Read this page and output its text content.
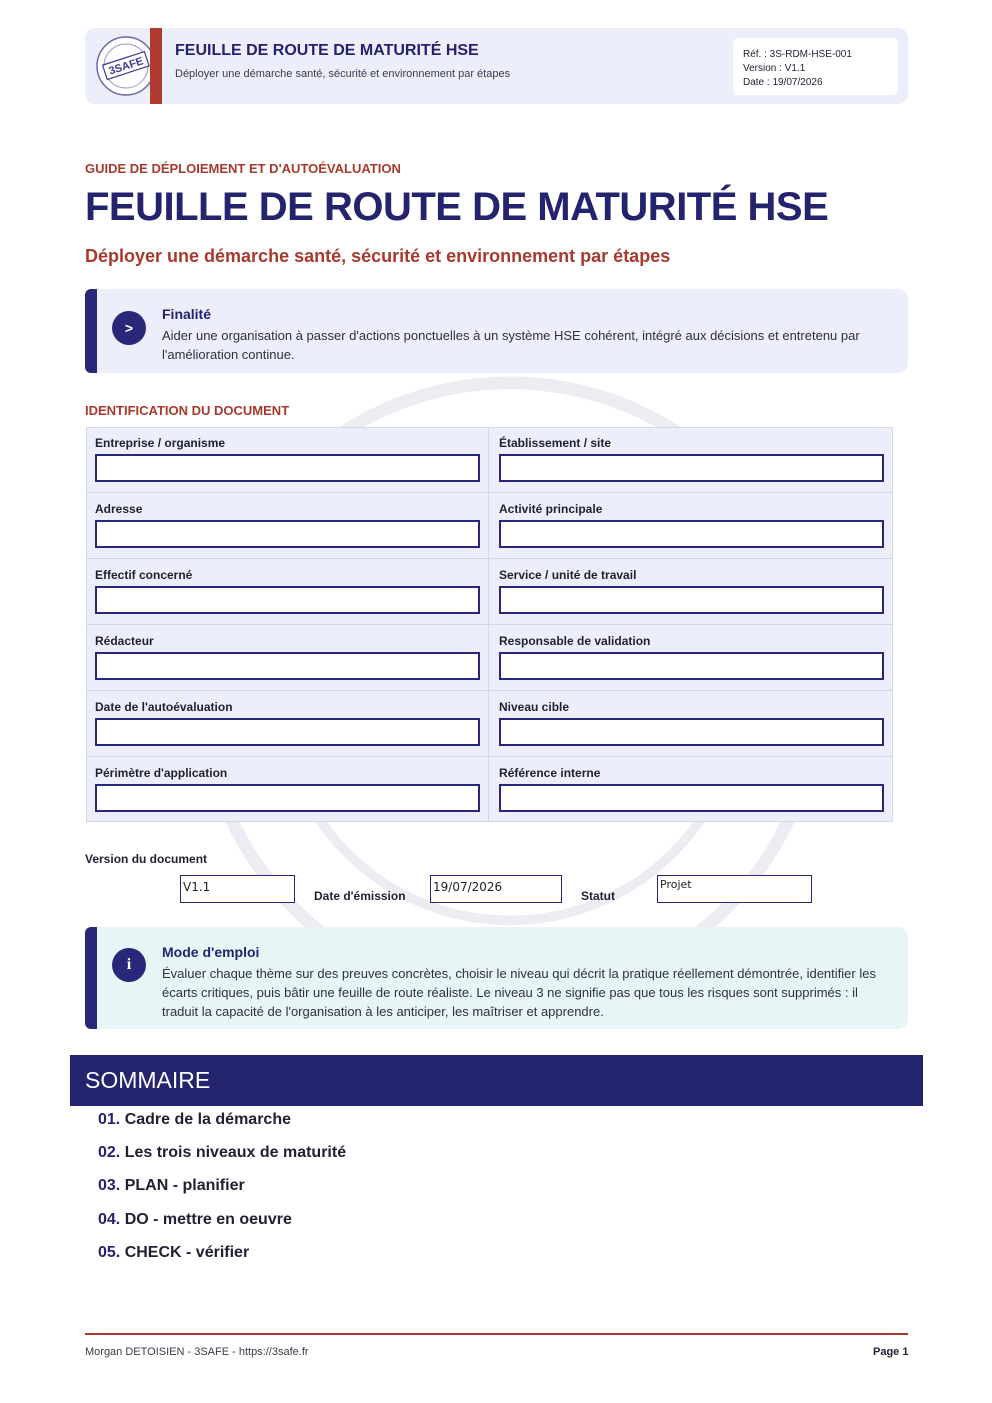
3SAFE
FEUILLE DE ROUTE DE MATURITÉ HSE
Déployer une démarche santé, sécurité et environnement par étapes
Réf. : 3S-RDM-HSE-001
Version : V1.1
Date : 19/07/2026
GUIDE DE DÉPLOIEMENT ET D'AUTOÉVALUATION
FEUILLE DE ROUTE DE MATURITÉ HSE
Déployer une démarche santé, sécurité et environnement par étapes
>
Finalité
Aider une organisation à passer d'actions ponctuelles à un système HSE cohérent, intégré aux décisions et entretenu par l'amélioration continue.
IDENTIFICATION DU DOCUMENT
Entreprise / organisme	Établissement / site
Adresse	Activité principale
Effectif concerné	Service / unité de travail
Rédacteur	Responsable de validation
Date de l'autoévaluation	Niveau cible
Périmètre d'application	Référence interne
Version du document
V1.1
Date d'émission
19/07/2026
Statut
Projet
i
Mode d'emploi
Évaluer chaque thème sur des preuves concrètes, choisir le niveau qui décrit la pratique réellement démontrée, identifier les écarts critiques, puis bâtir une feuille de route réaliste. Le niveau 3 ne signifie pas que tous les risques sont supprimés : il traduit la capacité de l'organisation à les anticiper, les maîtriser et apprendre.
SOMMAIRE
01. Cadre de la démarche
02. Les trois niveaux de maturité
03. PLAN - planifier
04. DO - mettre en oeuvre
05. CHECK - vérifier
Morgan DETOISIEN - 3SAFE - https://3safe.fr	Page 1
